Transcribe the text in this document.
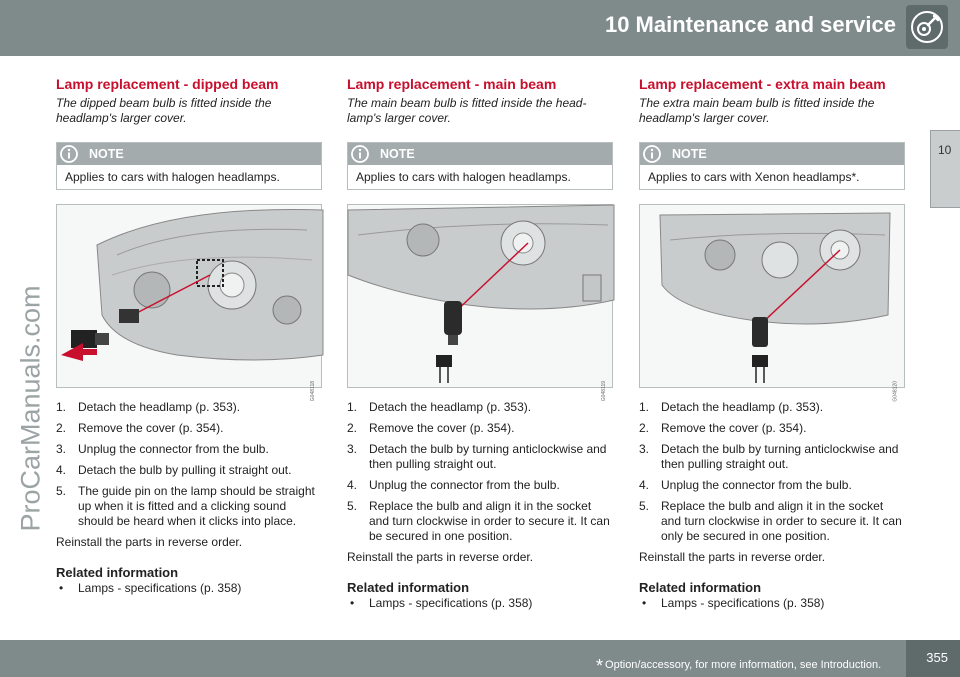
10 Maintenance and service
10
ProCarManuals.com
Lamp replacement - dipped beam
The dipped beam bulb is fitted inside the headlamp's larger cover.
NOTE
Applies to cars with halogen headlamps.
G048118
1. Detach the headlamp (p. 353).
2. Remove the cover (p. 354).
3. Unplug the connector from the bulb.
4. Detach the bulb by pulling it straight out.
5. The guide pin on the lamp should be straight up when it is fitted and a clicking sound should be heard when it clicks into place.
Reinstall the parts in reverse order.
Related information
• Lamps - specifications (p. 358)
Lamp replacement - main beam
The main beam bulb is fitted inside the head-lamp's larger cover.
NOTE
Applies to cars with halogen headlamps.
G048119
1. Detach the headlamp (p. 353).
2. Remove the cover (p. 354).
3. Detach the bulb by turning anticlockwise and then pulling straight out.
4. Unplug the connector from the bulb.
5. Replace the bulb and align it in the socket and turn clockwise in order to secure it. It can be secured in one position.
Reinstall the parts in reverse order.
Related information
• Lamps - specifications (p. 358)
Lamp replacement - extra main beam
The extra main beam bulb is fitted inside the headlamp's larger cover.
NOTE
Applies to cars with Xenon headlamps*.
G048120
1. Detach the headlamp (p. 353).
2. Remove the cover (p. 354).
3. Detach the bulb by turning anticlockwise and then pulling straight out.
4. Unplug the connector from the bulb.
5. Replace the bulb and align it in the socket and turn clockwise in order to secure it. It can only be secured in one position.
Reinstall the parts in reverse order.
Related information
• Lamps - specifications (p. 358)
* Option/accessory, for more information, see Introduction.	355
